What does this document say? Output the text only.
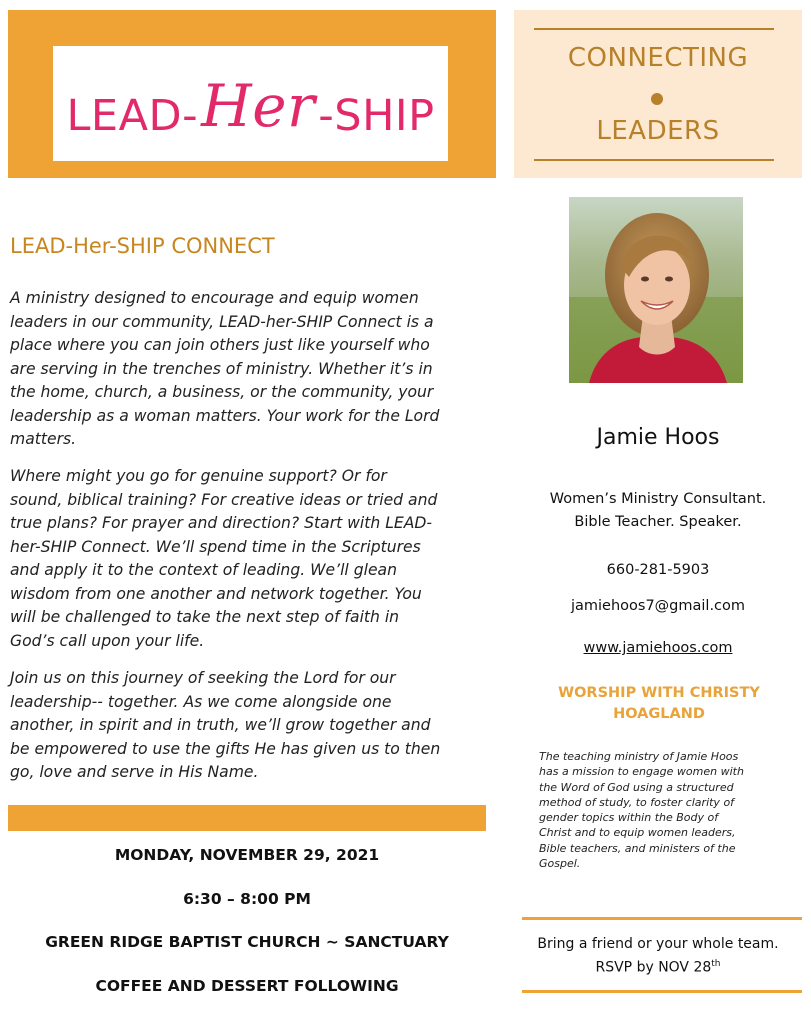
LEAD-Her-SHIP
CONNECTING
LEADERS
LEAD-Her-SHIP CONNECT
A ministry designed to encourage and equip women
leaders in our community, LEAD-her-SHIP Connect is a
place where you can join others just like yourself who
are serving in the trenches of ministry. Whether it’s in
the home, church, a business, or the community, your
leadership as a woman matters. Your work for the Lord
matters.
Where might you go for genuine support? Or for
sound, biblical training? For creative ideas or tried and
true plans? For prayer and direction? Start with LEAD-
her-SHIP Connect. We’ll spend time in the Scriptures
and apply it to the context of leading. We’ll glean
wisdom from one another and network together. You
will be challenged to take the next step of faith in
God’s call upon your life.
Join us on this journey of seeking the Lord for our
leadership-- together. As we come alongside one
another, in spirit and in truth, we’ll grow together and
be empowered to use the gifts He has given us to then
go, love and serve in His Name.
MONDAY, NOVEMBER 29, 2021
6:30 – 8:00 PM
GREEN RIDGE BAPTIST CHURCH ~ SANCTUARY
COFFEE AND DESSERT FOLLOWING
Jamie Hoos
Women’s Ministry Consultant.
Bible Teacher. Speaker.
660-281-5903
jamiehoos7@gmail.com
www.jamiehoos.com
WORSHIP WITH CHRISTY HOAGLAND
The teaching ministry of Jamie Hoos
has a mission to engage women with
the Word of God using a structured
method of study, to foster clarity of
gender topics within the Body of
Christ and to equip women leaders,
Bible teachers, and ministers of the
Gospel.
Bring a friend or your whole team.
RSVP by NOV 28th
